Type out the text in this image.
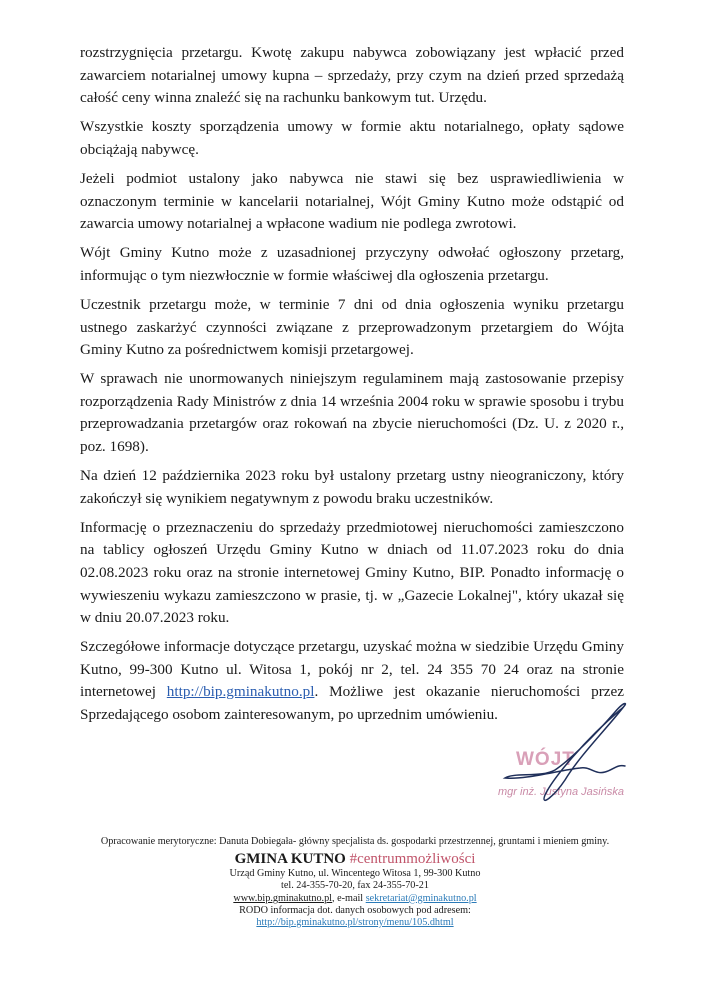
rozstrzygnięcia przetargu. Kwotę zakupu nabywca zobowiązany jest wpłacić przed zawarciem notarialnej umowy kupna – sprzedaży, przy czym na dzień przed sprzedażą całość ceny winna znaleźć się na rachunku bankowym tut. Urzędu.

Wszystkie koszty sporządzenia umowy w formie aktu notarialnego, opłaty sądowe obciążają nabywcę.

Jeżeli podmiot ustalony jako nabywca nie stawi się bez usprawiedliwienia w oznaczonym terminie w kancelarii notarialnej, Wójt Gminy Kutno może odstąpić od zawarcia umowy notarialnej a wpłacone wadium nie podlega zwrotowi.

Wójt Gminy Kutno może z uzasadnionej przyczyny odwołać ogłoszony przetarg, informując o tym niezwłocznie w formie właściwej dla ogłoszenia przetargu.

Uczestnik przetargu może, w terminie 7 dni od dnia ogłoszenia wyniku przetargu ustnego zaskarżyć czynności związane z przeprowadzonym przetargiem do Wójta Gminy Kutno za pośrednictwem komisji przetargowej.

W sprawach nie unormowanych niniejszym regulaminem mają zastosowanie przepisy rozporządzenia Rady Ministrów z dnia 14 września 2004 roku w sprawie sposobu i trybu przeprowadzania przetargów oraz rokowań na zbycie nieruchomości (Dz. U. z 2020 r., poz. 1698).

Na dzień 12 października 2023 roku był ustalony przetarg ustny nieograniczony, który zakończył się wynikiem negatywnym z powodu braku uczestników.

Informację o przeznaczeniu do sprzedaży przedmiotowej nieruchomości zamieszczono na tablicy ogłoszeń Urzędu Gminy Kutno w dniach od 11.07.2023 roku do dnia 02.08.2023 roku oraz na stronie internetowej Gminy Kutno, BIP. Ponadto informację o wywieszeniu wykazu zamieszczono w prasie, tj. w „Gazecie Lokalnej", który ukazał się w dniu 20.07.2023 roku.

Szczegółowe informacje dotyczące przetargu, uzyskać można w siedzibie Urzędu Gminy Kutno, 99-300 Kutno ul. Witosa 1, pokój nr 2, tel. 24 355 70 24 oraz na stronie internetowej http://bip.gminakutno.pl. Możliwe jest okazanie nieruchomości przez Sprzedającego osobom zainteresowanym, po uprzednim umówieniu.

WÓJT
mgr inż. Justyna Jasińska
Opracowanie merytoryczne: Danuta Dobiegała- główny specjalista ds. gospodarki przestrzennej, gruntami i mieniem gminy.
GMINA KUTNO #centrummożliwości
Urząd Gminy Kutno, ul. Wincentego Witosa 1, 99-300 Kutno
tel. 24-355-70-20, fax 24-355-70-21
www.bip.gminakutno.pl, e-mail sekretariat@gminakutno.pl
RODO informacja dot. danych osobowych pod adresem:
http://bip.gminakutno.pl/strony/menu/105.dhtml
